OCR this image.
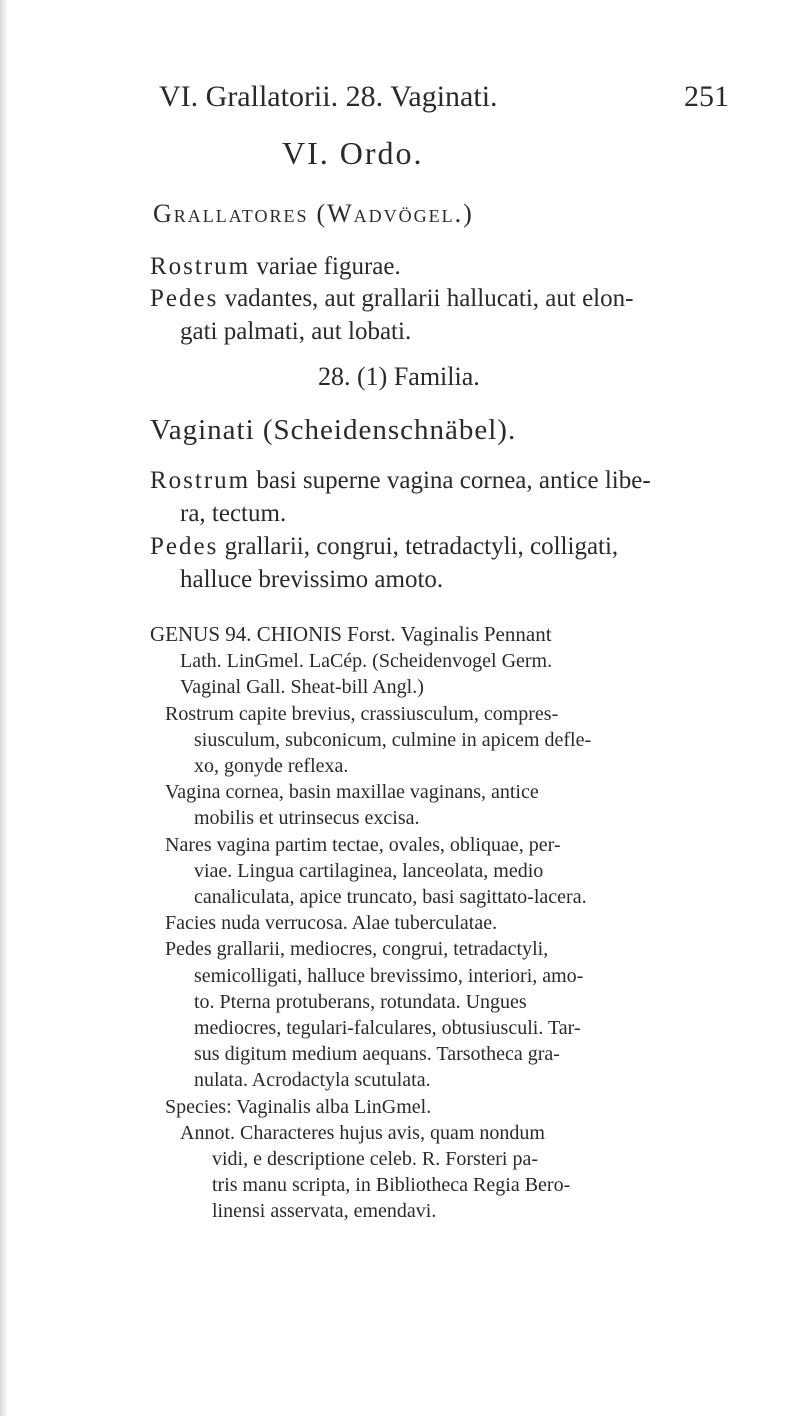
VI. Grallatorii. 28. Vaginati.	251
VI. Ordo.
Grallatores (Wadvögel.)
Rostrum variae figurae.
Pedes vadantes, aut grallarii hallucati, aut elon-
gati palmati, aut lobati.
28. (1) Familia.
Vaginati (Scheidenschnäbel).
Rostrum basi superne vagina cornea, antice libe-
ra, tectum.
Pedes grallarii, congrui, tetradactyli, colligati,
halluce brevissimo amoto.
GENUS 94. CHIONIS Forst. Vaginalis Pennant
Lath. LinGmel. LaCép. (Scheidenvogel Germ.
Vaginal Gall. Sheat-bill Angl.)
Rostrum capite brevius, crassiusculum, compres-
siusculum, subconicum, culmine in apicem defle-
xo, gonyde reflexa.
Vagina cornea, basin maxillae vaginans, antice
mobilis et utrinsecus excisa.
Nares vagina partim tectae, ovales, obliquae, per-
viae. Lingua cartilaginea, lanceolata, medio
canaliculata, apice truncato, basi sagittato-lacera.
Facies nuda verrucosa. Alae tuberculatae.
Pedes grallarii, mediocres, congrui, tetradactyli,
semicolligati, halluce brevissimo, interiori, amo-
to. Pterna protuberans, rotundata. Ungues
mediocres, tegulari-falculares, obtusiusculi. Tar-
sus digitum medium aequans. Tarsotheca gra-
nulata. Acrodactyla scutulata.
Species: Vaginalis alba LinGmel.
Annot. Characteres hujus avis, quam nondum
vidi, e descriptione celeb. R. Forsteri pa-
tris manu scripta, in Bibliotheca Regia Bero-
linensi asservata, emendavi.
